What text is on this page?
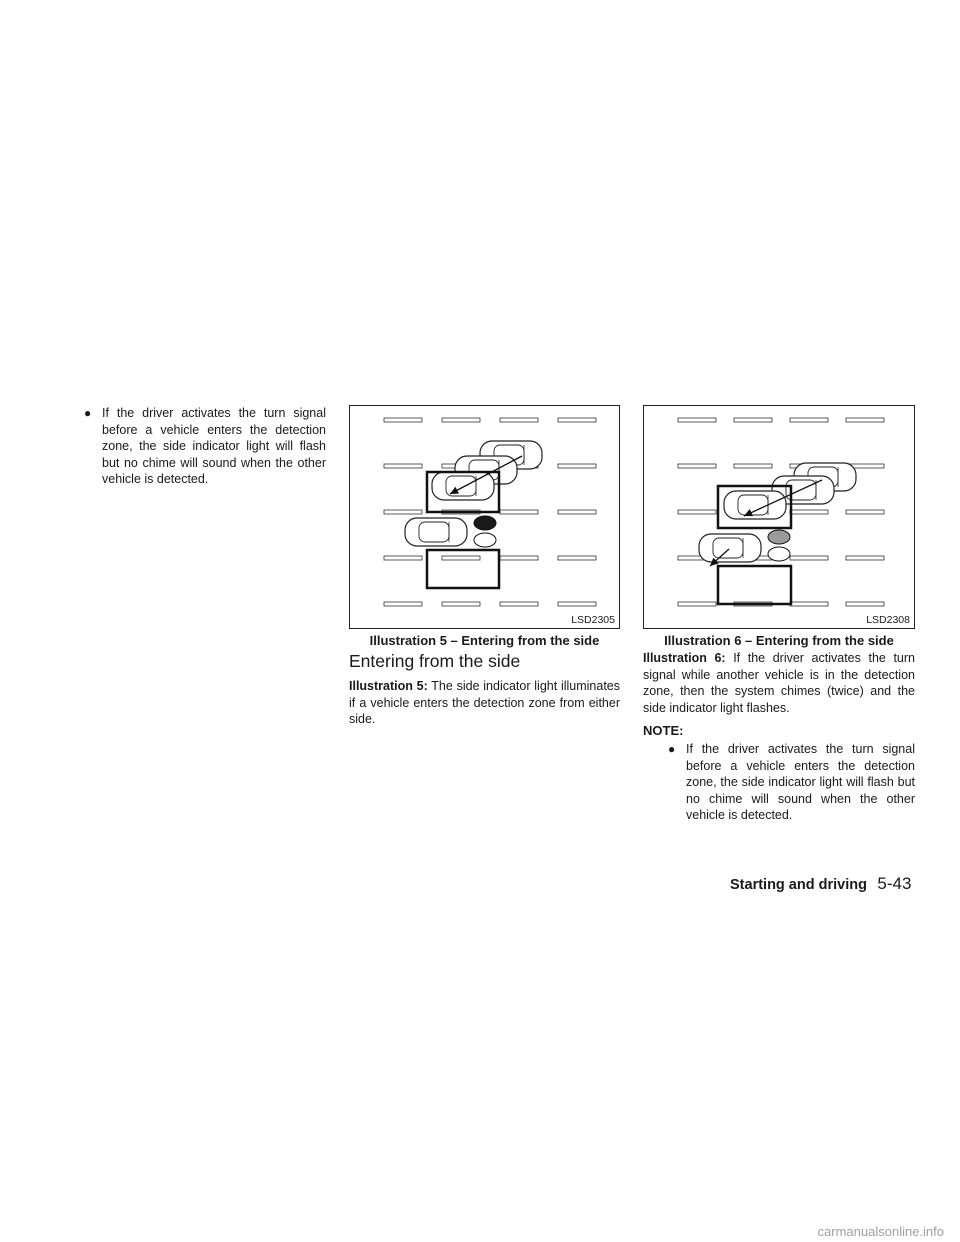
● If the driver activates the turn signal before a vehicle enters the detection zone, the side indicator light will flash but no chime will sound when the other vehicle is detected.
LSD2305
Illustration 5 – Entering from the side
LSD2308
Illustration 6 – Entering from the side
Entering from the side

Illustration 5: The side indicator light illuminates if a vehicle enters the detection zone from either side.

Illustration 6: If the driver activates the turn signal while another vehicle is in the detection zone, then the system chimes (twice) and the side indicator light flashes.

NOTE:
● If the driver activates the turn signal before a vehicle enters the detection zone, the side indicator light will flash but no chime will sound when the other vehicle is detected.
Starting and driving 5-43
carmanualsonline.info
